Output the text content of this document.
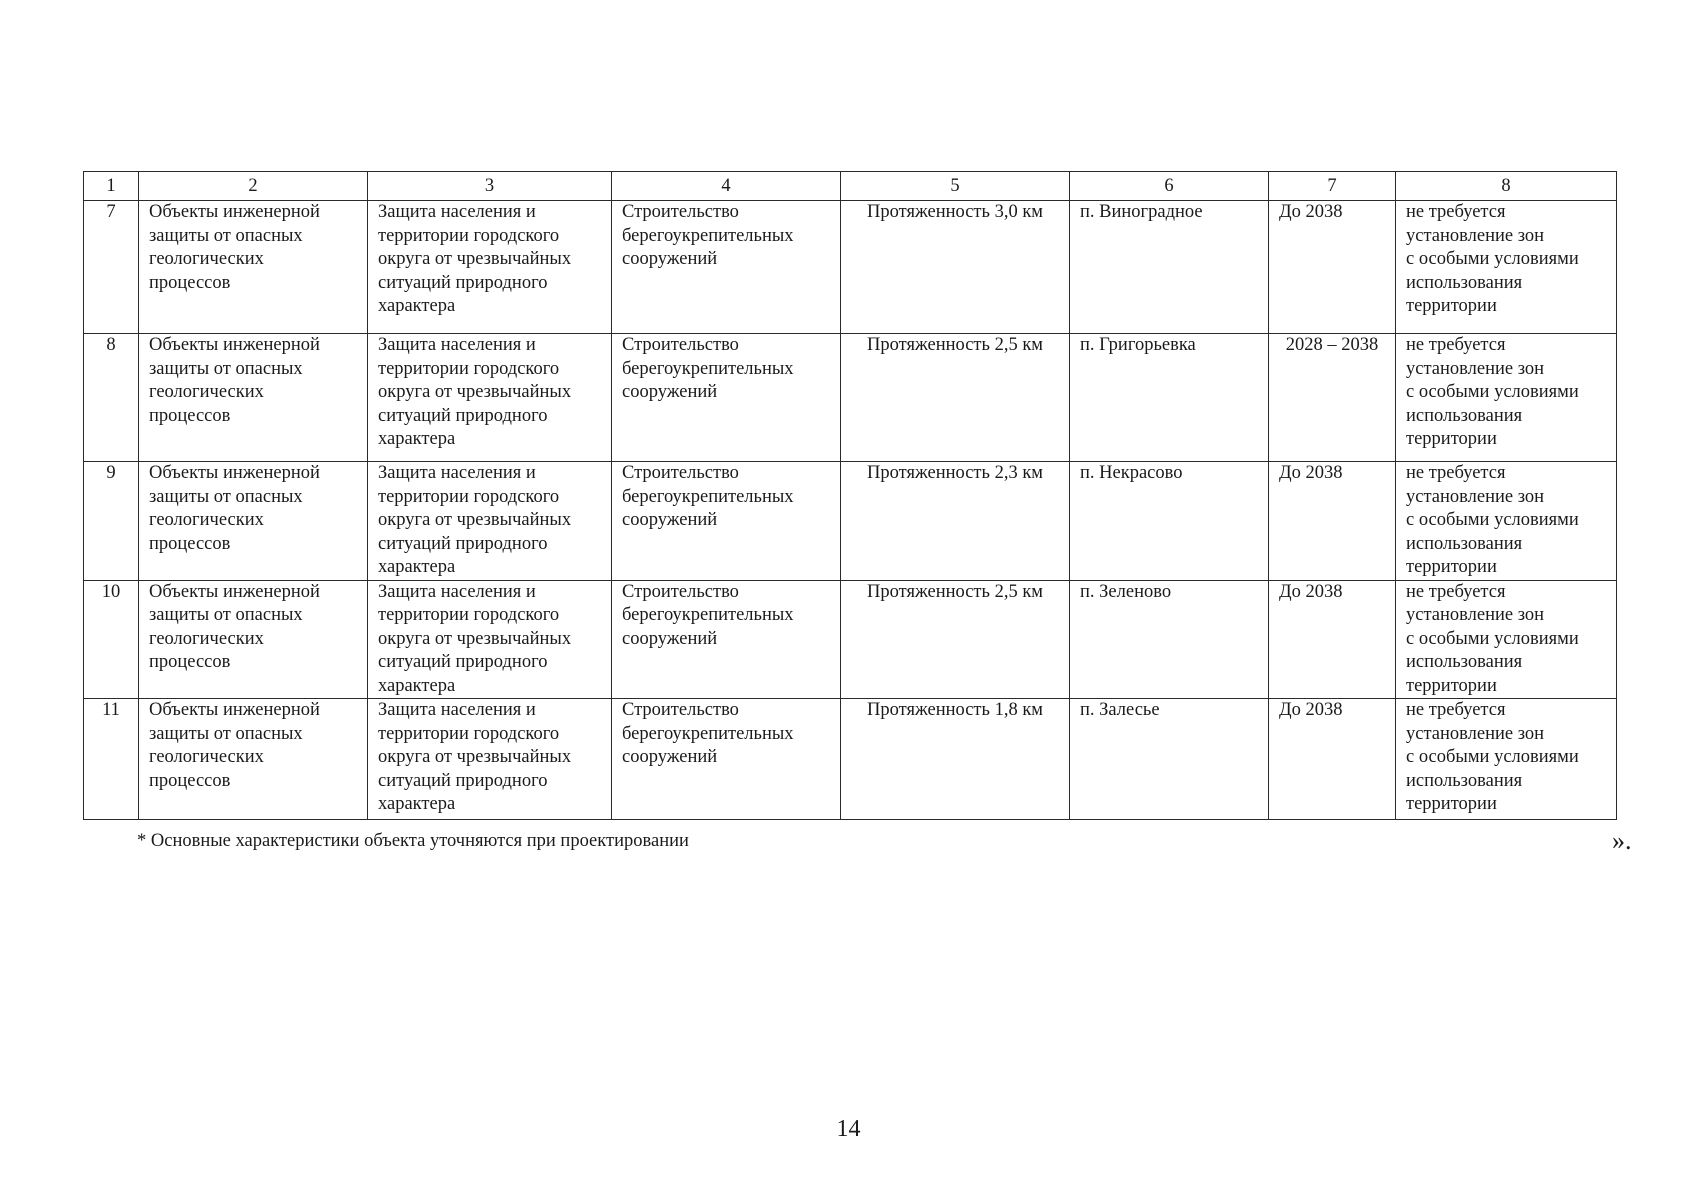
1	2	3	4	5	6	7	8
7	Объекты инженерной
защиты от опасных
геологических
процессов	Защита населения и
территории городского
округа от чрезвычайных
ситуаций природного
характера	Строительство
берегоукрепительных
сооружений	Протяженность 3,0 км	п. Виноградное	До 2038	не требуется
установление зон
с особыми условиями
использования
территории
8	Объекты инженерной
защиты от опасных
геологических
процессов	Защита населения и
территории городского
округа от чрезвычайных
ситуаций природного
характера	Строительство
берегоукрепительных
сооружений	Протяженность 2,5 км	п. Григорьевка	2028 – 2038	не требуется
установление зон
с особыми условиями
использования
территории
9	Объекты инженерной
защиты от опасных
геологических
процессов	Защита населения и
территории городского
округа от чрезвычайных
ситуаций природного
характера	Строительство
берегоукрепительных
сооружений	Протяженность 2,3 км	п. Некрасово	До 2038	не требуется
установление зон
с особыми условиями
использования
территории
10	Объекты инженерной
защиты от опасных
геологических
процессов	Защита населения и
территории городского
округа от чрезвычайных
ситуаций природного
характера	Строительство
берегоукрепительных
сооружений	Протяженность 2,5 км	п. Зеленово	До 2038	не требуется
установление зон
с особыми условиями
использования
территории
11	Объекты инженерной
защиты от опасных
геологических
процессов	Защита населения и
территории городского
округа от чрезвычайных
ситуаций природного
характера	Строительство
берегоукрепительных
сооружений	Протяженность 1,8 км	п. Залесье	До 2038	не требуется
установление зон
с особыми условиями
использования
территории
* Основные характеристики объекта уточняются при проектировании	».
14
